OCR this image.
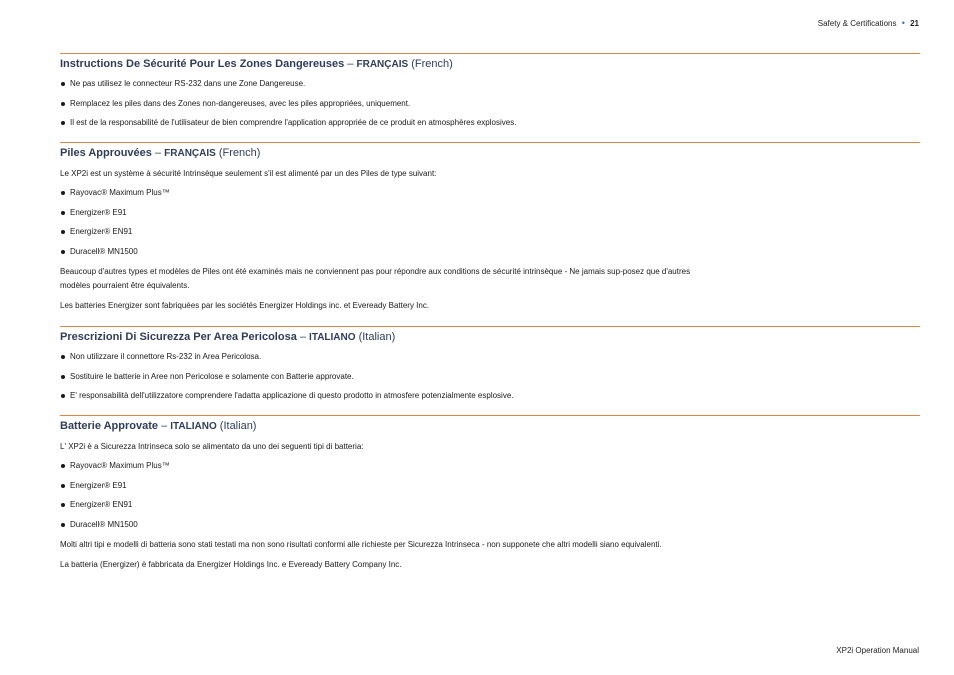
Safety & Certifications • 21
Instructions De Sécurité Pour Les Zones Dangereuses – FRANÇAIS (French)
Ne pas utilisez le connecteur RS-232 dans une Zone Dangereuse.
Remplacez les piles dans des Zones non-dangereuses, avec les piles appropriées, uniquement.
Il est de la responsabilité de l'utilisateur de bien comprendre l'application appropriée de ce produit en atmosphères explosives.
Piles Approuvées – FRANÇAIS (French)

Le XP2i est un système à sécurité Intrinsèque seulement s'il est alimenté par un des Piles de type suivant:

Rayovac® Maximum Plus™
Energizer® E91
Energizer® EN91
Duracell® MN1500

Beaucoup d'autres types et modèles de Piles ont été examinés mais ne conviennent pas pour répondre aux conditions de sécurité intrinsèque - Ne jamais sup-posez que d'autres modèles pourraient être équivalents.

Les batteries Energizer sont fabriquées par les sociétés Energizer Holdings inc. et Eveready Battery Inc.

Prescrizioni Di Sicurezza Per Area Pericolosa – ITALIANO (Italian)
Non utilizzare il connettore Rs-232 in Area Pericolosa.
Sostituire le batterie in Aree non Pericolose e solamente con Batterie approvate.
E' responsabilità dell'utilizzatore comprendere l'adatta applicazione di questo prodotto in atmosfere potenzialmente esplosive.
Batterie Approvate – ITALIANO (Italian)

L' XP2i è a Sicurezza Intrinseca solo se alimentato da uno dei seguenti tipi di batteria:

Rayovac® Maximum Plus™
Energizer® E91
Energizer® EN91
Duracell® MN1500

Molti altri tipi e modelli di batteria sono stati testati ma non sono risultati conformi alle richieste per Sicurezza Intrinseca - non supponete che altri modelli siano equivalenti.

La batteria (Energizer) è fabbricata da Energizer Holdings Inc. e Eveready Battery Company Inc.

XP2i Operation Manual
